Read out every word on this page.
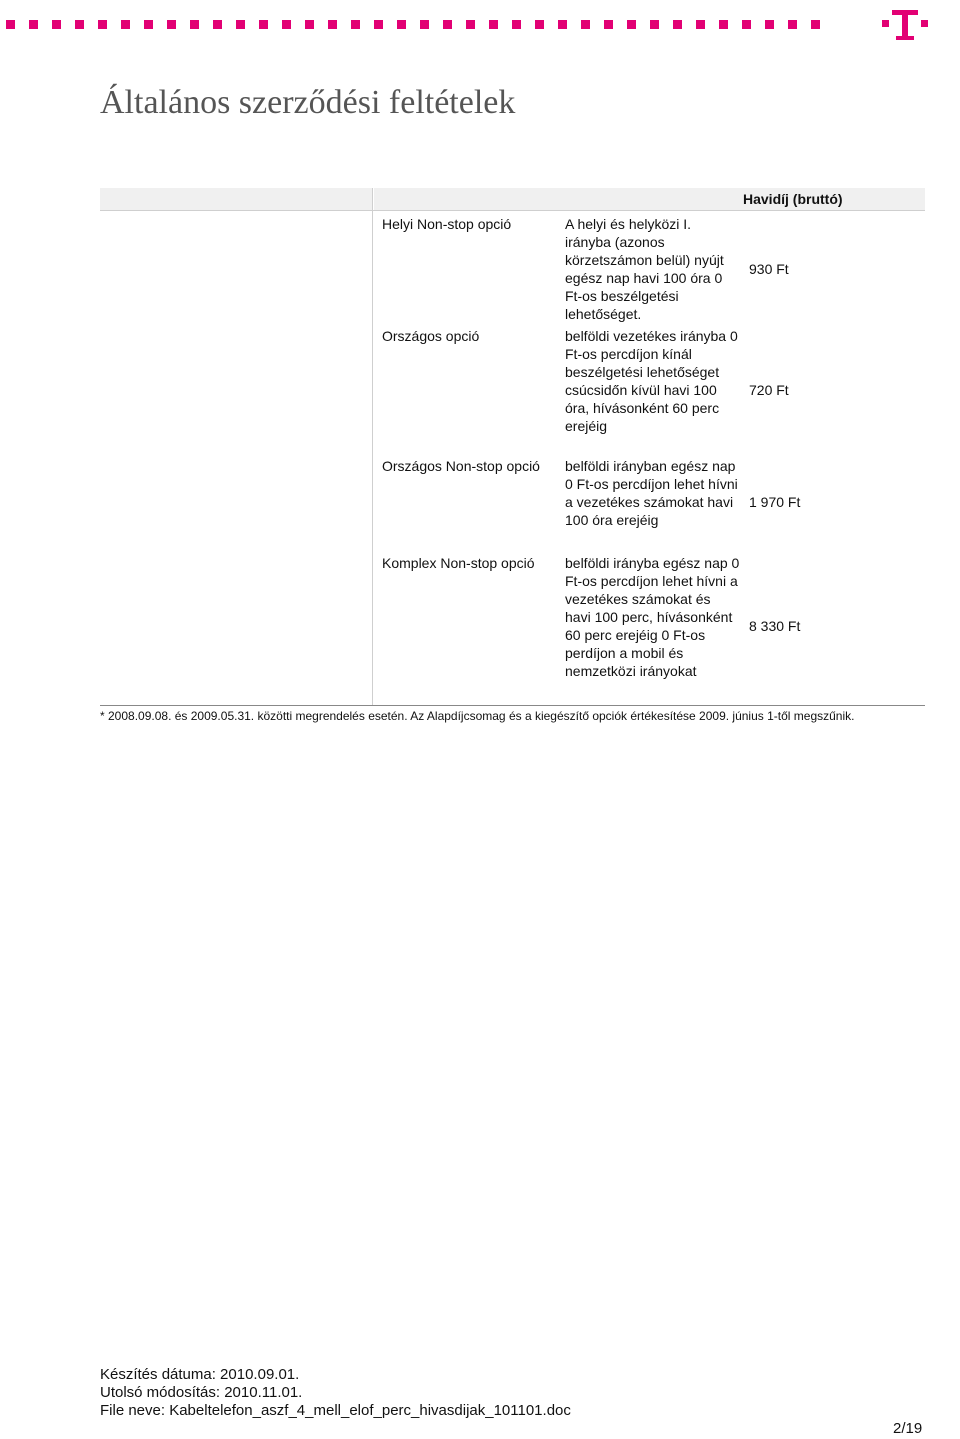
Általános szerződési feltételek
Havidíj (bruttó)
Helyi Non-stop opció	A helyi és helyközi I. irányba (azonos körzetszámon belül) nyújt egész nap havi 100 óra 0 Ft-os beszélgetési lehetőséget.
930 Ft
Országos opció	belföldi vezetékes irányba 0 Ft-os percdíjon kínál beszélgetési lehetőséget csúcsidőn kívül havi 100 óra, hívásonként 60 perc erejéig
720 Ft
Országos Non-stop opció belföldi irányban egész nap 0 Ft-os percdíjon lehet hívni a vezetékes számokat havi 100 óra erejéig
1 970 Ft
Komplex Non-stop opció belföldi irányba egész nap 0 Ft-os percdíjon lehet hívni a vezetékes számokat és havi 100 perc, hívásonként 60 perc erejéig 0 Ft-os perdíjon a mobil és nemzetközi irányokat
8 330 Ft
* 2008.09.08. és 2009.05.31. közötti megrendelés esetén. Az Alapdíjcsomag és a kiegészítő opciók értékesítése 2009. június 1-től megszűnik.
Készítés dátuma: 2010.09.01.
Utolsó módosítás: 2010.11.01.
File neve: Kabeltelefon_aszf_4_mell_elof_perc_hivasdijak_101101.doc
2/19
